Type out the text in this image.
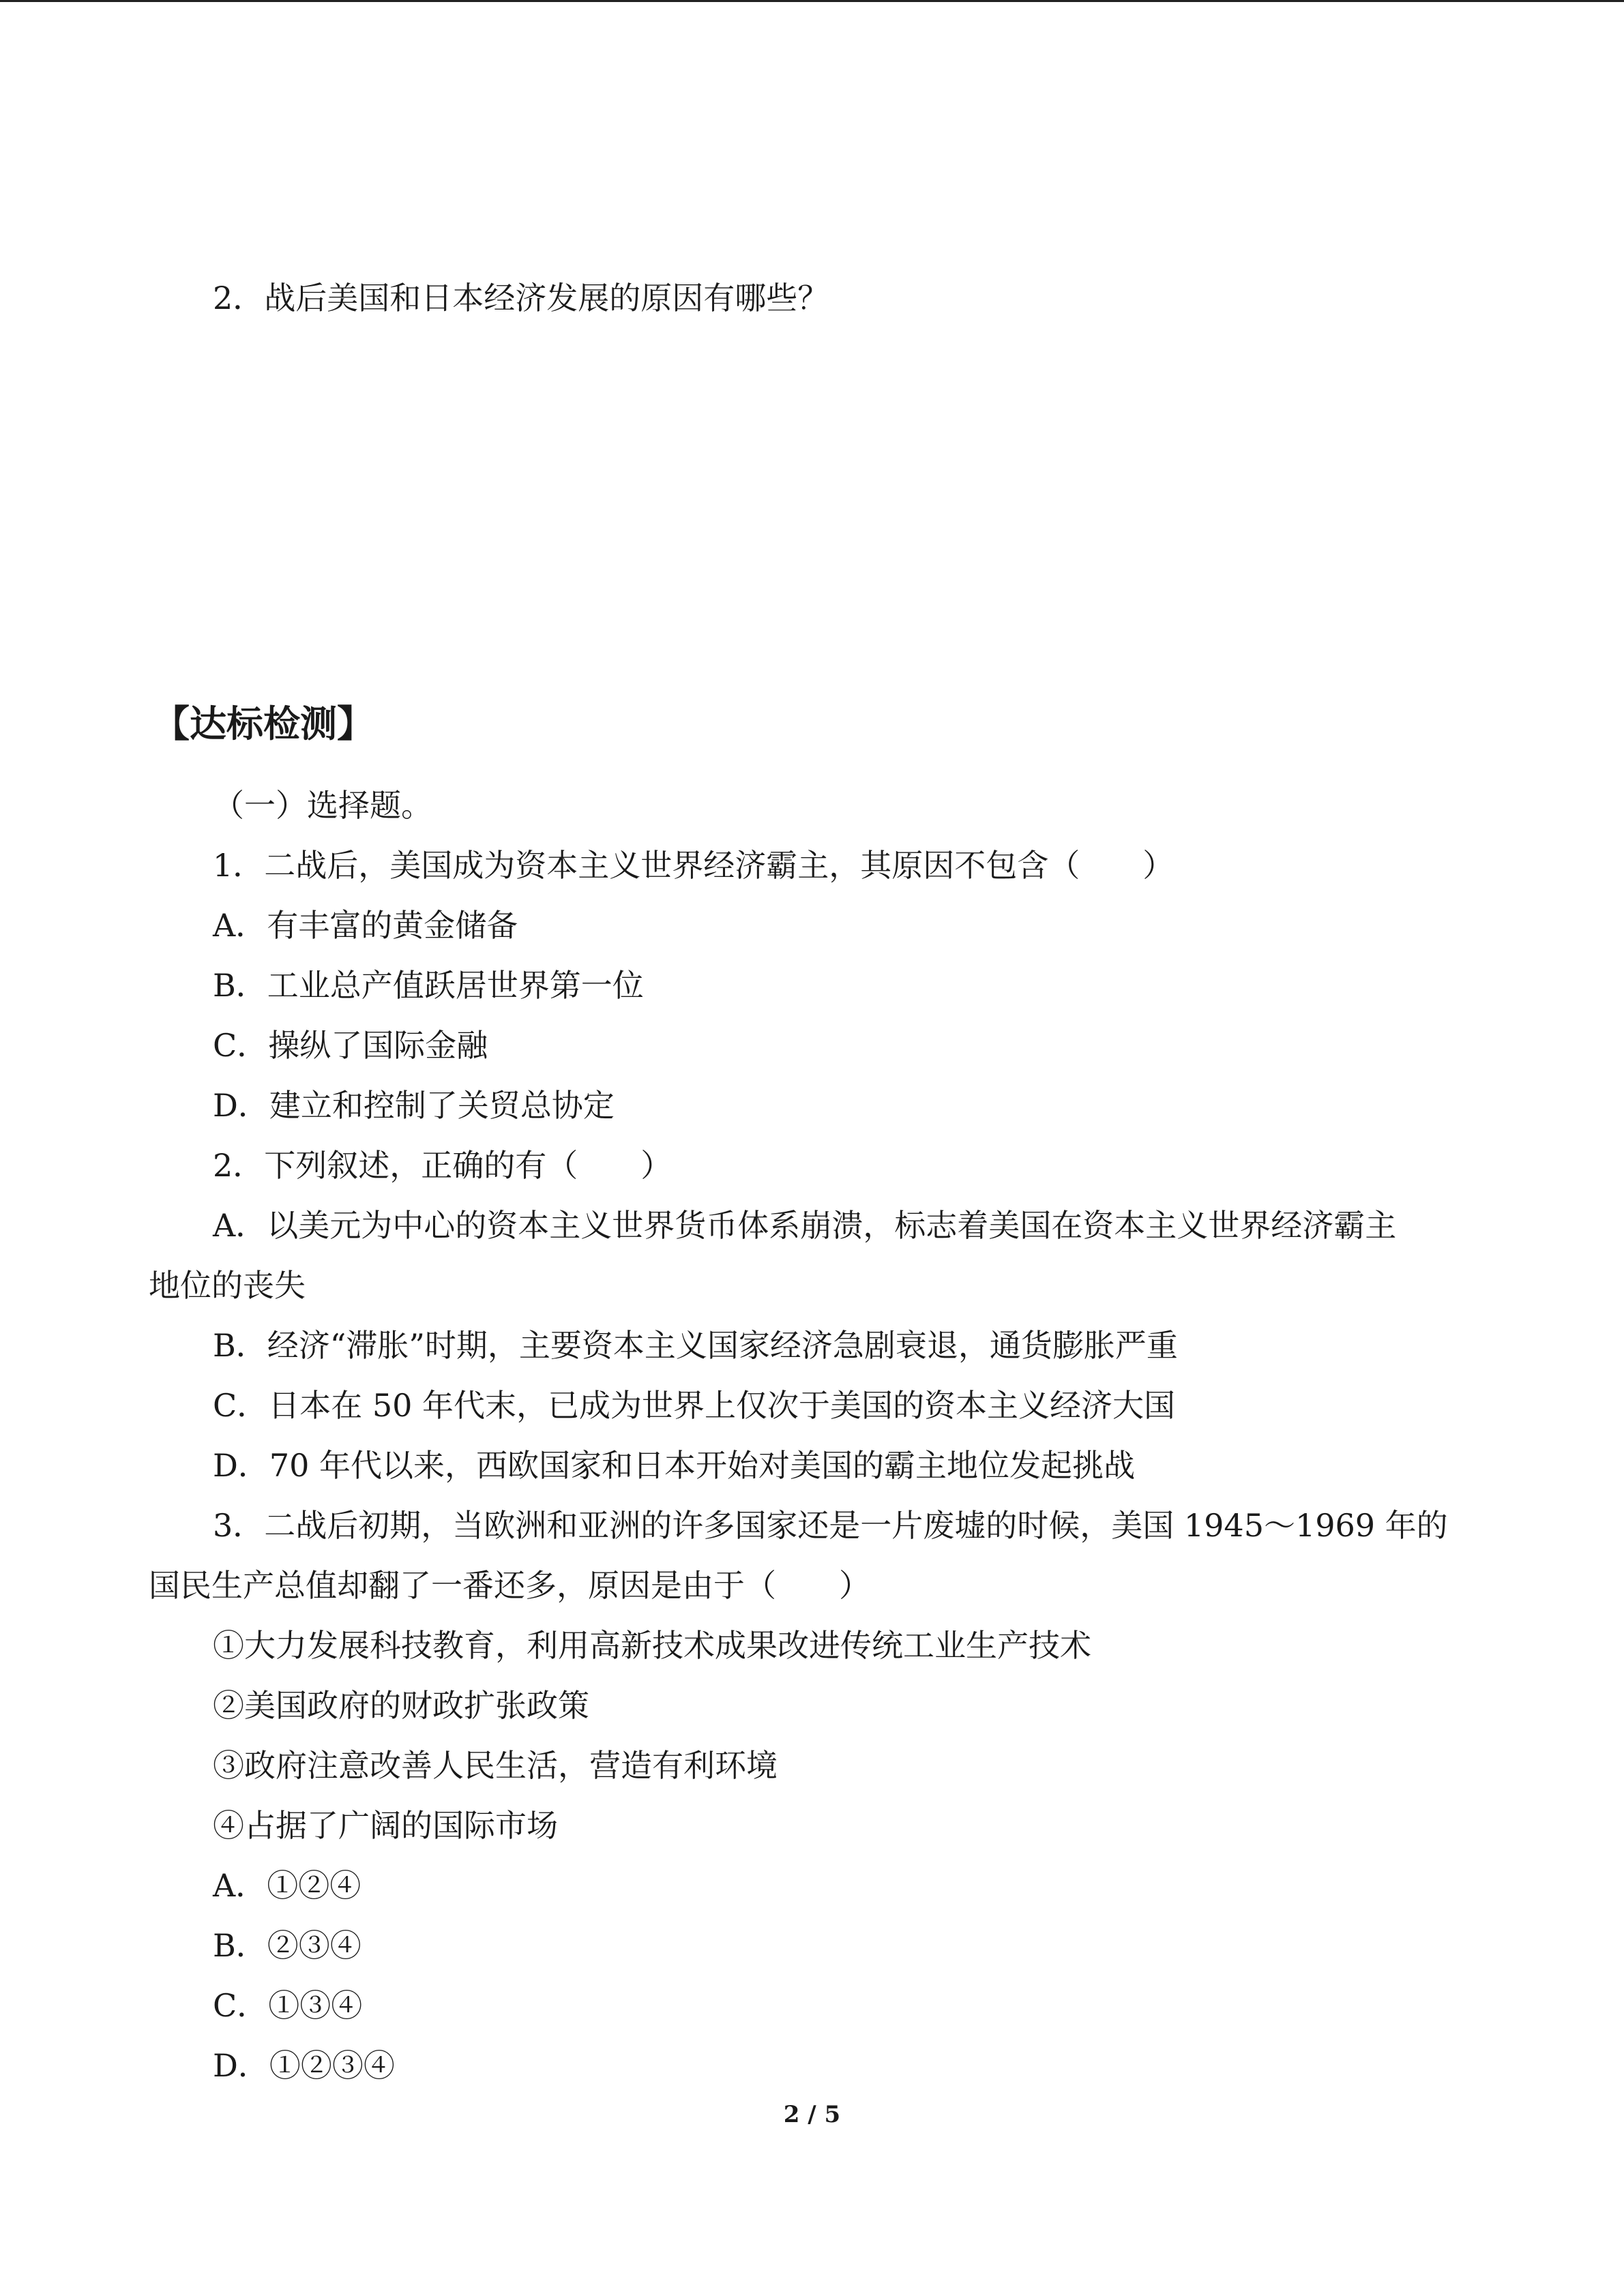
2．战后美国和日本经济发展的原因有哪些？
【达标检测】
（一）选择题。
1．二战后，美国成为资本主义世界经济霸主，其原因不包含（　　）
A．有丰富的黄金储备
B．工业总产值跃居世界第一位
C．操纵了国际金融
D．建立和控制了关贸总协定
2．下列叙述，正确的有（　　）
A．以美元为中心的资本主义世界货币体系崩溃，标志着美国在资本主义世界经济霸主
地位的丧失
B．经济“滞胀”时期，主要资本主义国家经济急剧衰退，通货膨胀严重
C．日本在 50 年代末，已成为世界上仅次于美国的资本主义经济大国
D．70 年代以来，西欧国家和日本开始对美国的霸主地位发起挑战
3．二战后初期，当欧洲和亚洲的许多国家还是一片废墟的时候，美国 1945～1969 年的
国民生产总值却翻了一番还多，原因是由于（　　）
①大力发展科技教育，利用高新技术成果改进传统工业生产技术
②美国政府的财政扩张政策
③政府注意改善人民生活，营造有利环境
④占据了广阔的国际市场
A．①②④
B．②③④
C．①③④
D．①②③④
2 / 5
